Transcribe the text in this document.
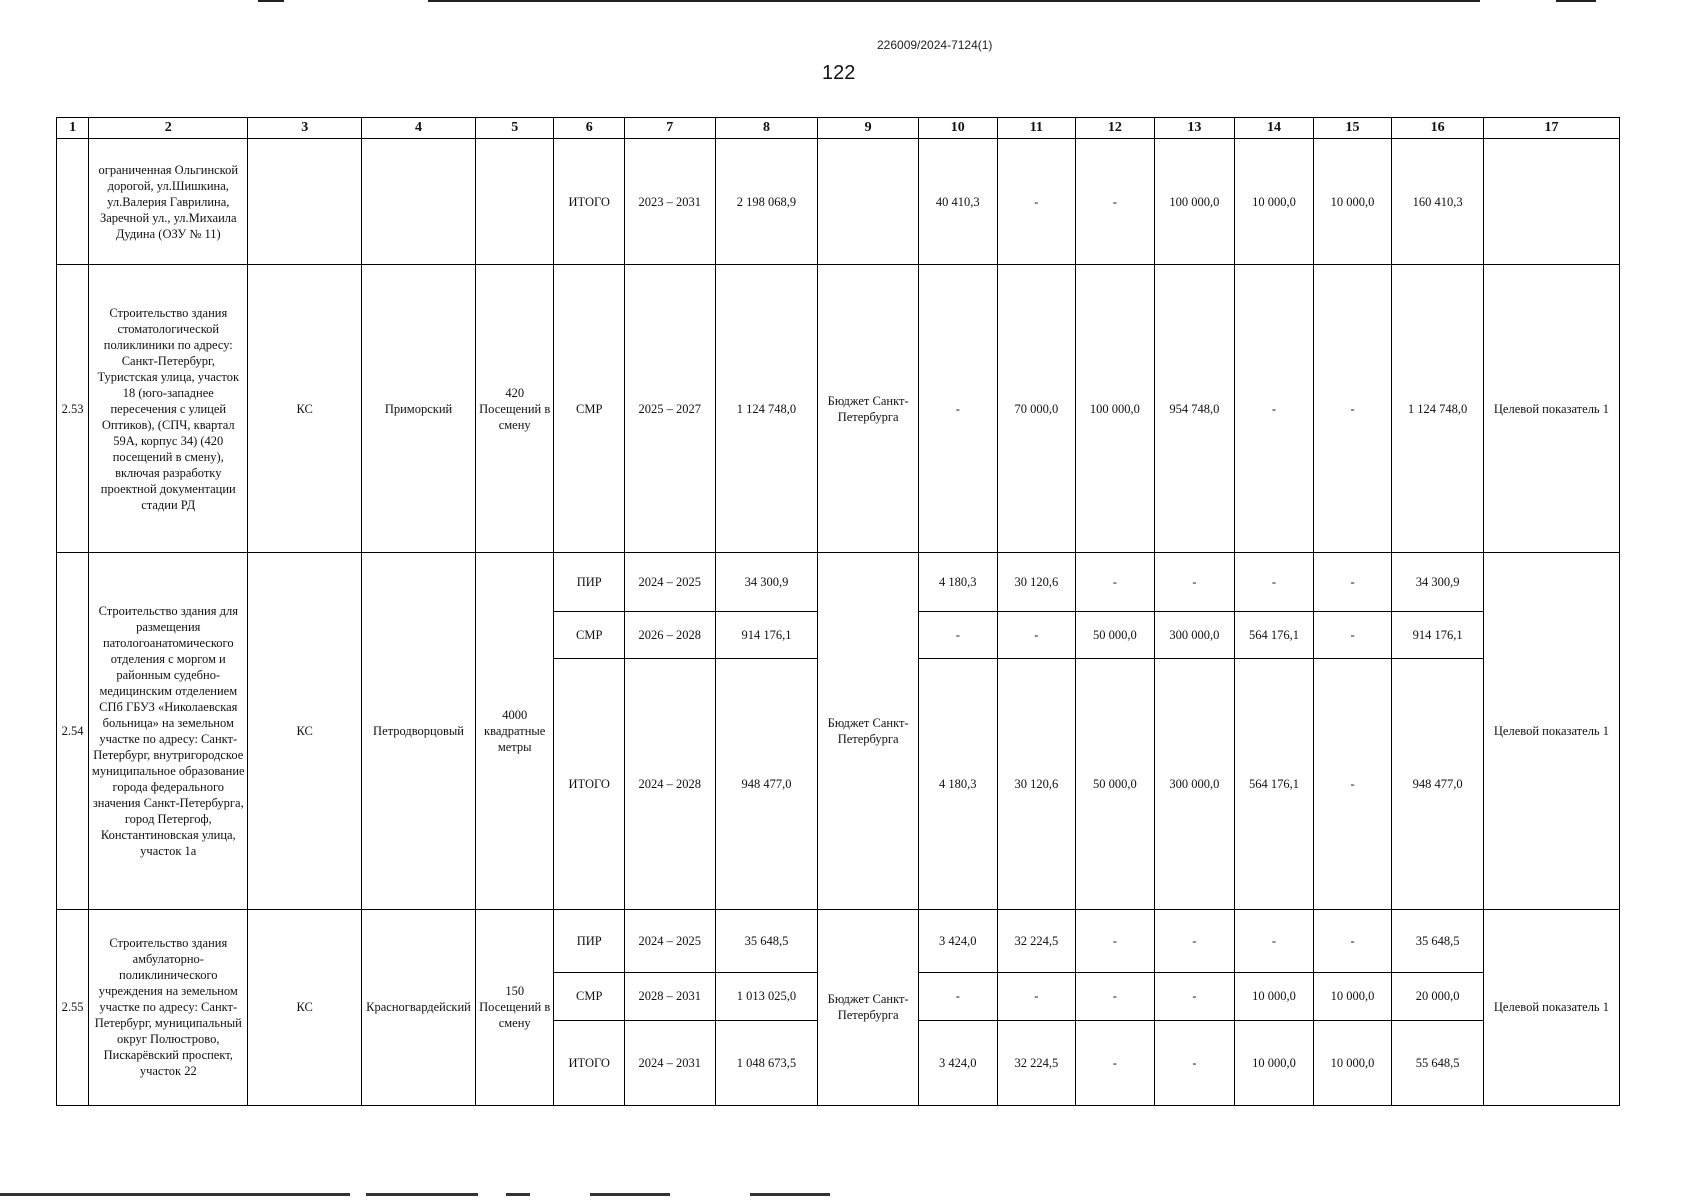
226009/2024-7124(1)
122
1	2	3	4	5	6	7	8	9	10	11	12	13	14	15	16	17
	ограниченная Ольгинской дорогой, ул.Шишкина, ул.Валерия Гаврилина, Заречной ул., ул.Михаила Дудина (ОЗУ № 11)				ИТОГО	2023 – 2031	2 198 068,9		40 410,3	-	-	100 000,0	10 000,0	10 000,0	160 410,3	
2.53	Строительство здания стоматологической поликлиники по адресу: Санкт-Петербург, Туристская улица, участок 18 (юго-западнее пересечения с улицей Оптиков), (СПЧ, квартал 59А, корпус 34) (420 посещений в смену), включая разработку проектной документации стадии РД	КС	Приморский	420 Посещений в смену	СМР	2025 – 2027	1 124 748,0	Бюджет Санкт-Петербурга	-	70 000,0	100 000,0	954 748,0	-	-	1 124 748,0	Целевой показатель 1
2.54	Строительство здания для размещения патологоанатомического отделения с моргом и районным судебно-медицинским отделением СПб ГБУЗ «Николаевская больница» на земельном участке по адресу: Санкт-Петербург, внутригородское муниципальное образование города федерального значения Санкт-Петербурга, город Петергоф, Константиновская улица, участок 1а	КС	Петродворцовый	4000 квадратные метры	ПИР	2024 – 2025	34 300,9	Бюджет Санкт-Петербурга	4 180,3	30 120,6	-	-	-	-	34 300,9	Целевой показатель 1
					СМР	2026 – 2028	914 176,1		-	-	50 000,0	300 000,0	564 176,1	-	914 176,1	
					ИТОГО	2024 – 2028	948 477,0		4 180,3	30 120,6	50 000,0	300 000,0	564 176,1	-	948 477,0	
2.55	Строительство здания амбулаторно-поликлинического учреждения на земельном участке по адресу: Санкт-Петербург, муниципальный округ Полюстрово, Пискарёвский проспект, участок 22	КС	Красногвардейский	150 Посещений в смену	ПИР	2024 – 2025	35 648,5	Бюджет Санкт-Петербурга	3 424,0	32 224,5	-	-	-	-	35 648,5	Целевой показатель 1
					СМР	2028 – 2031	1 013 025,0		-	-	-	-	10 000,0	10 000,0	20 000,0	
					ИТОГО	2024 – 2031	1 048 673,5		3 424,0	32 224,5	-	-	10 000,0	10 000,0	55 648,5	
